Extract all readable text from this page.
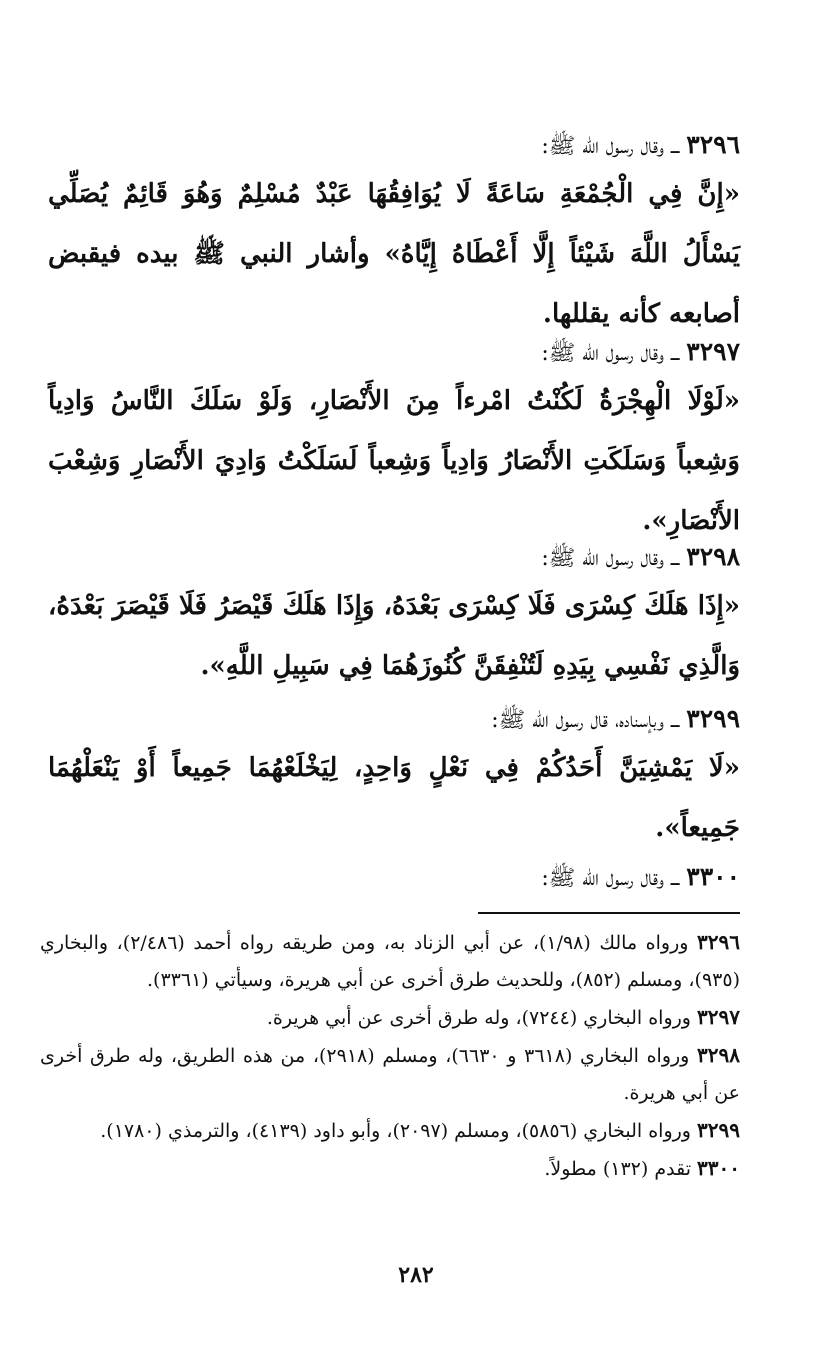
٣٢٩٦ ـــ وقال رسول الله ﷺ:
«إِنَّ فِي الْجُمْعَةِ سَاعَةً لَا يُوَافِقُهَا عَبْدٌ مُسْلِمٌ وَهُوَ قَائِمٌ يُصَلِّي يَسْأَلُ اللَّهَ شَيْئاً إِلَّا أَعْطَاهُ إِيَّاهُ» وأشار النبي ﷺ بيده فيقبض أصابعه كأنه يقللها.
٣٢٩٧ ـــ وقال رسول الله ﷺ:
«لَوْلَا الْهِجْرَةُ لَكُنْتُ امْرءاً مِنَ الأَنْصَارِ، وَلَوْ سَلَكَ النَّاسُ وَادِياً وَشِعباً وَسَلَكَتِ الأَنْصَارُ وَادِياً وَشِعباً لَسَلَكْتُ وَادِيَ الأَنْصَارِ وَشِعْبَ الأَنْصَارِ».
٣٢٩٨ ـــ وقال رسول الله ﷺ:
«إِذَا هَلَكَ كِسْرَى فَلَا كِسْرَى بَعْدَهُ، وَإِذَا هَلَكَ قَيْصَرُ فَلَا قَيْصَرَ بَعْدَهُ، وَالَّذِي نَفْسِي بِيَدِهِ لَتُنْفِقَنَّ كُنُوزَهُمَا فِي سَبِيلِ اللَّهِ».
٣٢٩٩ ـــ وبإسناده، قال رسول الله ﷺ:
«لَا يَمْشِيَنَّ أَحَدُكُمْ فِي نَعْلٍ وَاحِدٍ، لِيَخْلَعْهُمَا جَمِيعاً أَوْ يَنْعَلْهُمَا جَمِيعاً».
٣٣٠٠ ـــ وقال رسول الله ﷺ:
٣٢٩٦ ورواه مالك (١/٩٨)، عن أبي الزناد به، ومن طريقه رواه أحمد (٢/٤٨٦)، والبخاري (٩٣٥)، ومسلم (٨٥٢)، وللحديث طرق أخرى عن أبي هريرة، وسيأتي (٣٣٦١).
٣٢٩٧ ورواه البخاري (٧٢٤٤)، وله طرق أخرى عن أبي هريرة.
٣٢٩٨ ورواه البخاري (٣٦١٨ و ٦٦٣٠)، ومسلم (٢٩١٨)، من هذه الطريق، وله طرق أخرى عن أبي هريرة.
٣٢٩٩ ورواه البخاري (٥٨٥٦)، ومسلم (٢٠٩٧)، وأبو داود (٤١٣٩)، والترمذي (١٧٨٠).
٣٣٠٠ تقدم (١٣٢) مطولاً.
٢٨٢
